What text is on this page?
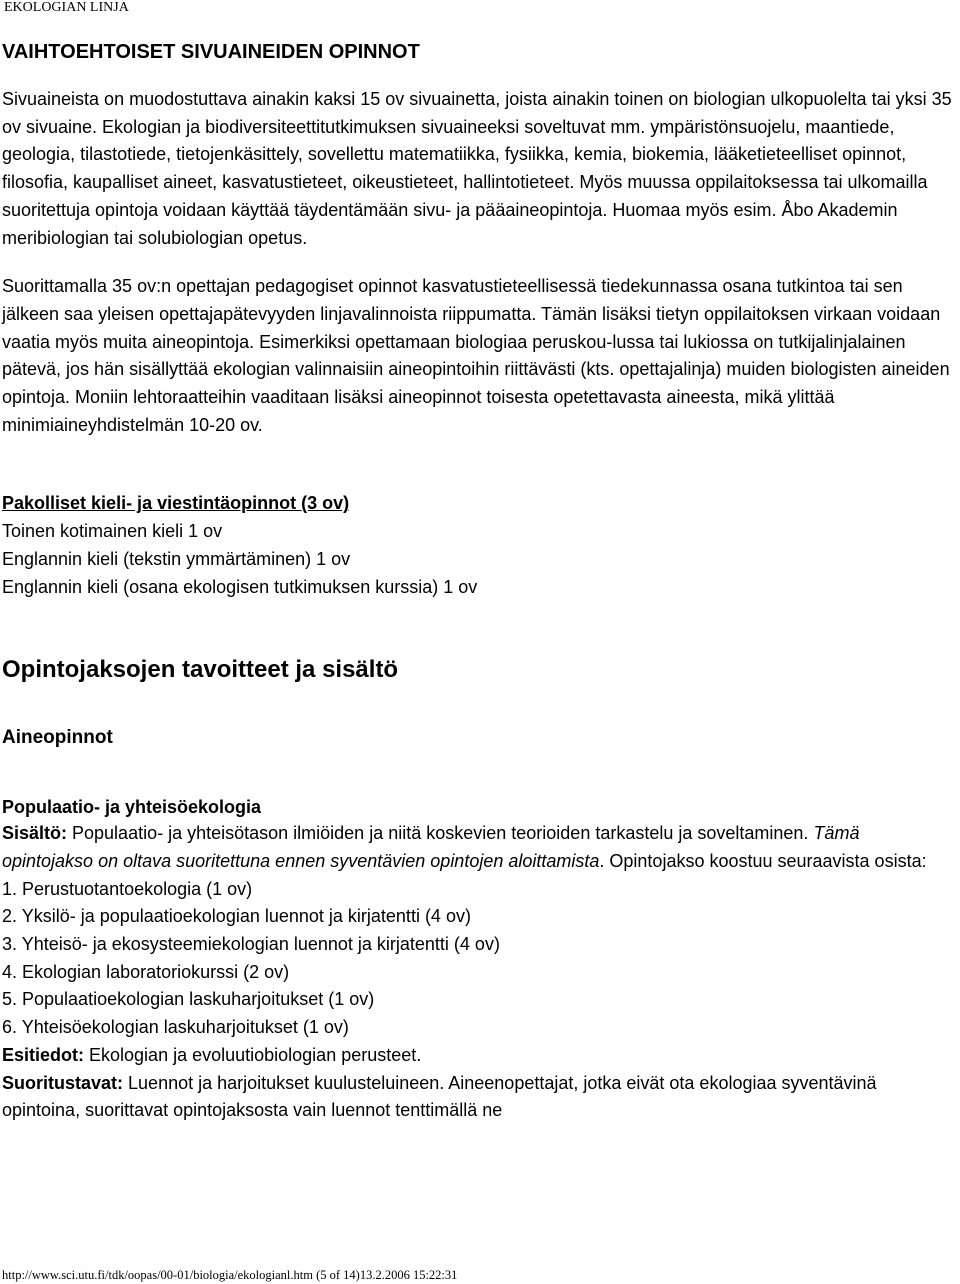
EKOLOGIAN LINJA
VAIHTOEHTOISET SIVUAINEIDEN OPINNOT

Sivuaineista on muodostuttava ainakin kaksi 15 ov sivuainetta, joista ainakin toinen on biologian ulkopuolelta tai yksi 35 ov sivuaine. Ekologian ja biodiversiteettitutkimuksen sivuaineeksi soveltuvat mm. ympäristönsuojelu, maantiede, geologia, tilastotiede, tietojenkäsittely, sovellettu matematiikka, fysiikka, kemia, biokemia, lääketieteelliset opinnot, filosofia, kaupalliset aineet, kasvatustieteet, oikeustieteet, hallintotieteet. Myös muussa oppilaitoksessa tai ulkomailla suoritettuja opintoja voidaan käyttää täydentämään sivu- ja pääaineopintoja. Huomaa myös esim. Åbo Akademin meribiologian tai solubiologian opetus.

Suorittamalla 35 ov:n opettajan pedagogiset opinnot kasvatustieteellisessä tiedekunnassa osana tutkintoa tai sen jälkeen saa yleisen opettajapätevyyden linjavalinnoista riippumatta. Tämän lisäksi tietyn oppilaitoksen virkaan voidaan vaatia myös muita aineopintoja. Esimerkiksi opettamaan biologiaa peruskou-lussa tai lukiossa on tutkijalinjalainen pätevä, jos hän sisällyttää ekologian valinnaisiin aineopintoihin riittävästi (kts. opettajalinja) muiden biologisten aineiden opintoja. Moniin lehtoraatteihin vaaditaan lisäksi aineopinnot toisesta opetettavasta aineesta, mikä ylittää minimiaineyhdistelmän 10-20 ov.

Pakolliset kieli- ja viestintäopinnot (3 ov)
Toinen kotimainen kieli 1 ov
Englannin kieli (tekstin ymmärtäminen) 1 ov
Englannin kieli (osana ekologisen tutkimuksen kurssia) 1 ov
Opintojaksojen tavoitteet ja sisältö
Aineopinnot
Populaatio- ja yhteisöekologia
Sisältö: Populaatio- ja yhteisötason ilmiöiden ja niitä koskevien teorioiden tarkastelu ja soveltaminen. Tämä opintojakso on oltava suoritettuna ennen syventävien opintojen aloittamista. Opintojakso koostuu seuraavista osista:
1. Perustuotantoekologia (1 ov)
2. Yksilö- ja populaatioekologian luennot ja kirjatentti (4 ov)
3. Yhteisö- ja ekosysteemiekologian luennot ja kirjatentti (4 ov)
4. Ekologian laboratoriokurssi (2 ov)
5. Populaatioekologian laskuharjoitukset (1 ov)
6. Yhteisöekologian laskuharjoitukset (1 ov)
Esitiedot: Ekologian ja evoluutiobiologian perusteet.
Suoritustavat: Luennot ja harjoitukset kuulusteluineen. Aineenopettajat, jotka eivät ota ekologiaa syventävinä opintoina, suorittavat opintojaksosta vain luennot tenttimällä ne
http://www.sci.utu.fi/tdk/oopas/00-01/biologia/ekologianl.htm (5 of 14)13.2.2006 15:22:31
